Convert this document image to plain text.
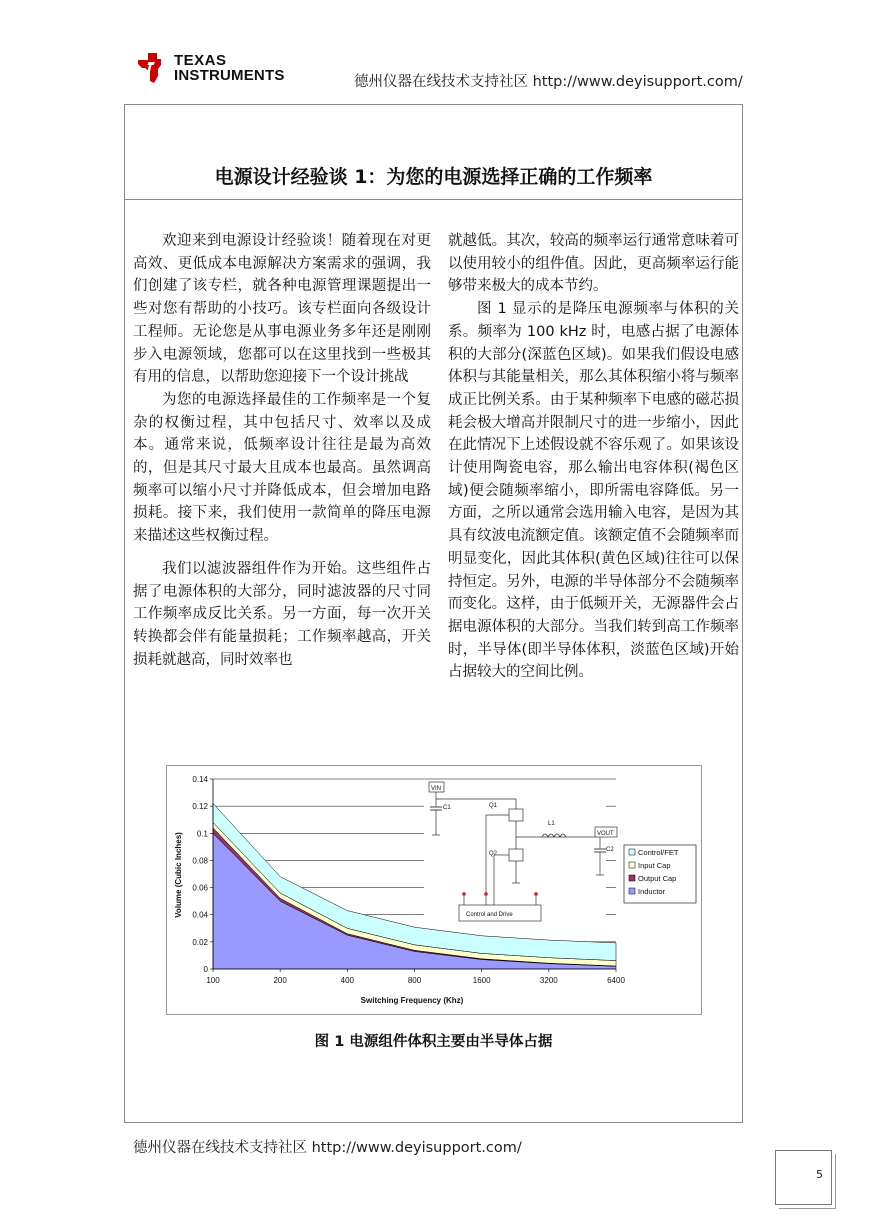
TEXAS
INSTRUMENTS	德州仪器在线技术支持社区 http://www.deyisupport.com/
电源设计经验谈 1：为您的电源选择正确的工作频率

欢迎来到电源设计经验谈！随着现在对更高效、更低成本电源解决方案需求的强调，我们创建了该专栏，就各种电源管理课题提出一些对您有帮助的小技巧。该专栏面向各级设计工程师。无论您是从事电源业务多年还是刚刚步入电源领域，您都可以在这里找到一些极其有用的信息，以帮助您迎接下一个设计挑战

为您的电源选择最佳的工作频率是一个复杂的权衡过程，其中包括尺寸、效率以及成本。通常来说，低频率设计往往是最为高效的，但是其尺寸最大且成本也最高。虽然调高频率可以缩小尺寸并降低成本，但会增加电路损耗。接下来，我们使用一款简单的降压电源来描述这些权衡过程。

我们以滤波器组件作为开始。这些组件占据了电源体积的大部分，同时滤波器的尺寸同工作频率成反比关系。另一方面，每一次开关转换都会伴有能量损耗；工作频率越高，开关损耗就越高，同时效率也

就越低。其次，较高的频率运行通常意味着可以使用较小的组件值。因此，更高频率运行能够带来极大的成本节约。

图 1 显示的是降压电源频率与体积的关系。频率为 100 kHz 时，电感占据了电源体积的大部分(深蓝色区域)。如果我们假设电感体积与其能量相关，那么其体积缩小将与频率成正比例关系。由于某种频率下电感的磁芯损耗会极大增高并限制尺寸的进一步缩小，因此在此情况下上述假设就不容乐观了。如果该设计使用陶瓷电容，那么输出电容体积(褐色区域)便会随频率缩小，即所需电容降低。另一方面，之所以通常会选用输入电容，是因为其具有纹波电流额定值。该额定值不会随频率而明显变化，因此其体积(黄色区域)往往可以保持恒定。另外，电源的半导体部分不会随频率而变化。这样，由于低频开关，无源器件会占据电源体积的大部分。当我们转到高工作频率时，半导体(即半导体体积，淡蓝色区域)开始占据较大的空间比例。

0
0.02
0.04
0.06
0.08
0.1
0.12
0.14
100	200	400	800	1600	3200	6400
Volume (Cubic Inches)
Switching Frequency (Khz)
VIN
C1	Q1
L1
VOUT
C2
Q2
Control and Drive
Control/FET
Input Cap
Output Cap
Inductor
图 1 电源组件体积主要由半导体占据
德州仪器在线技术支持社区 http://www.deyisupport.com/
5
